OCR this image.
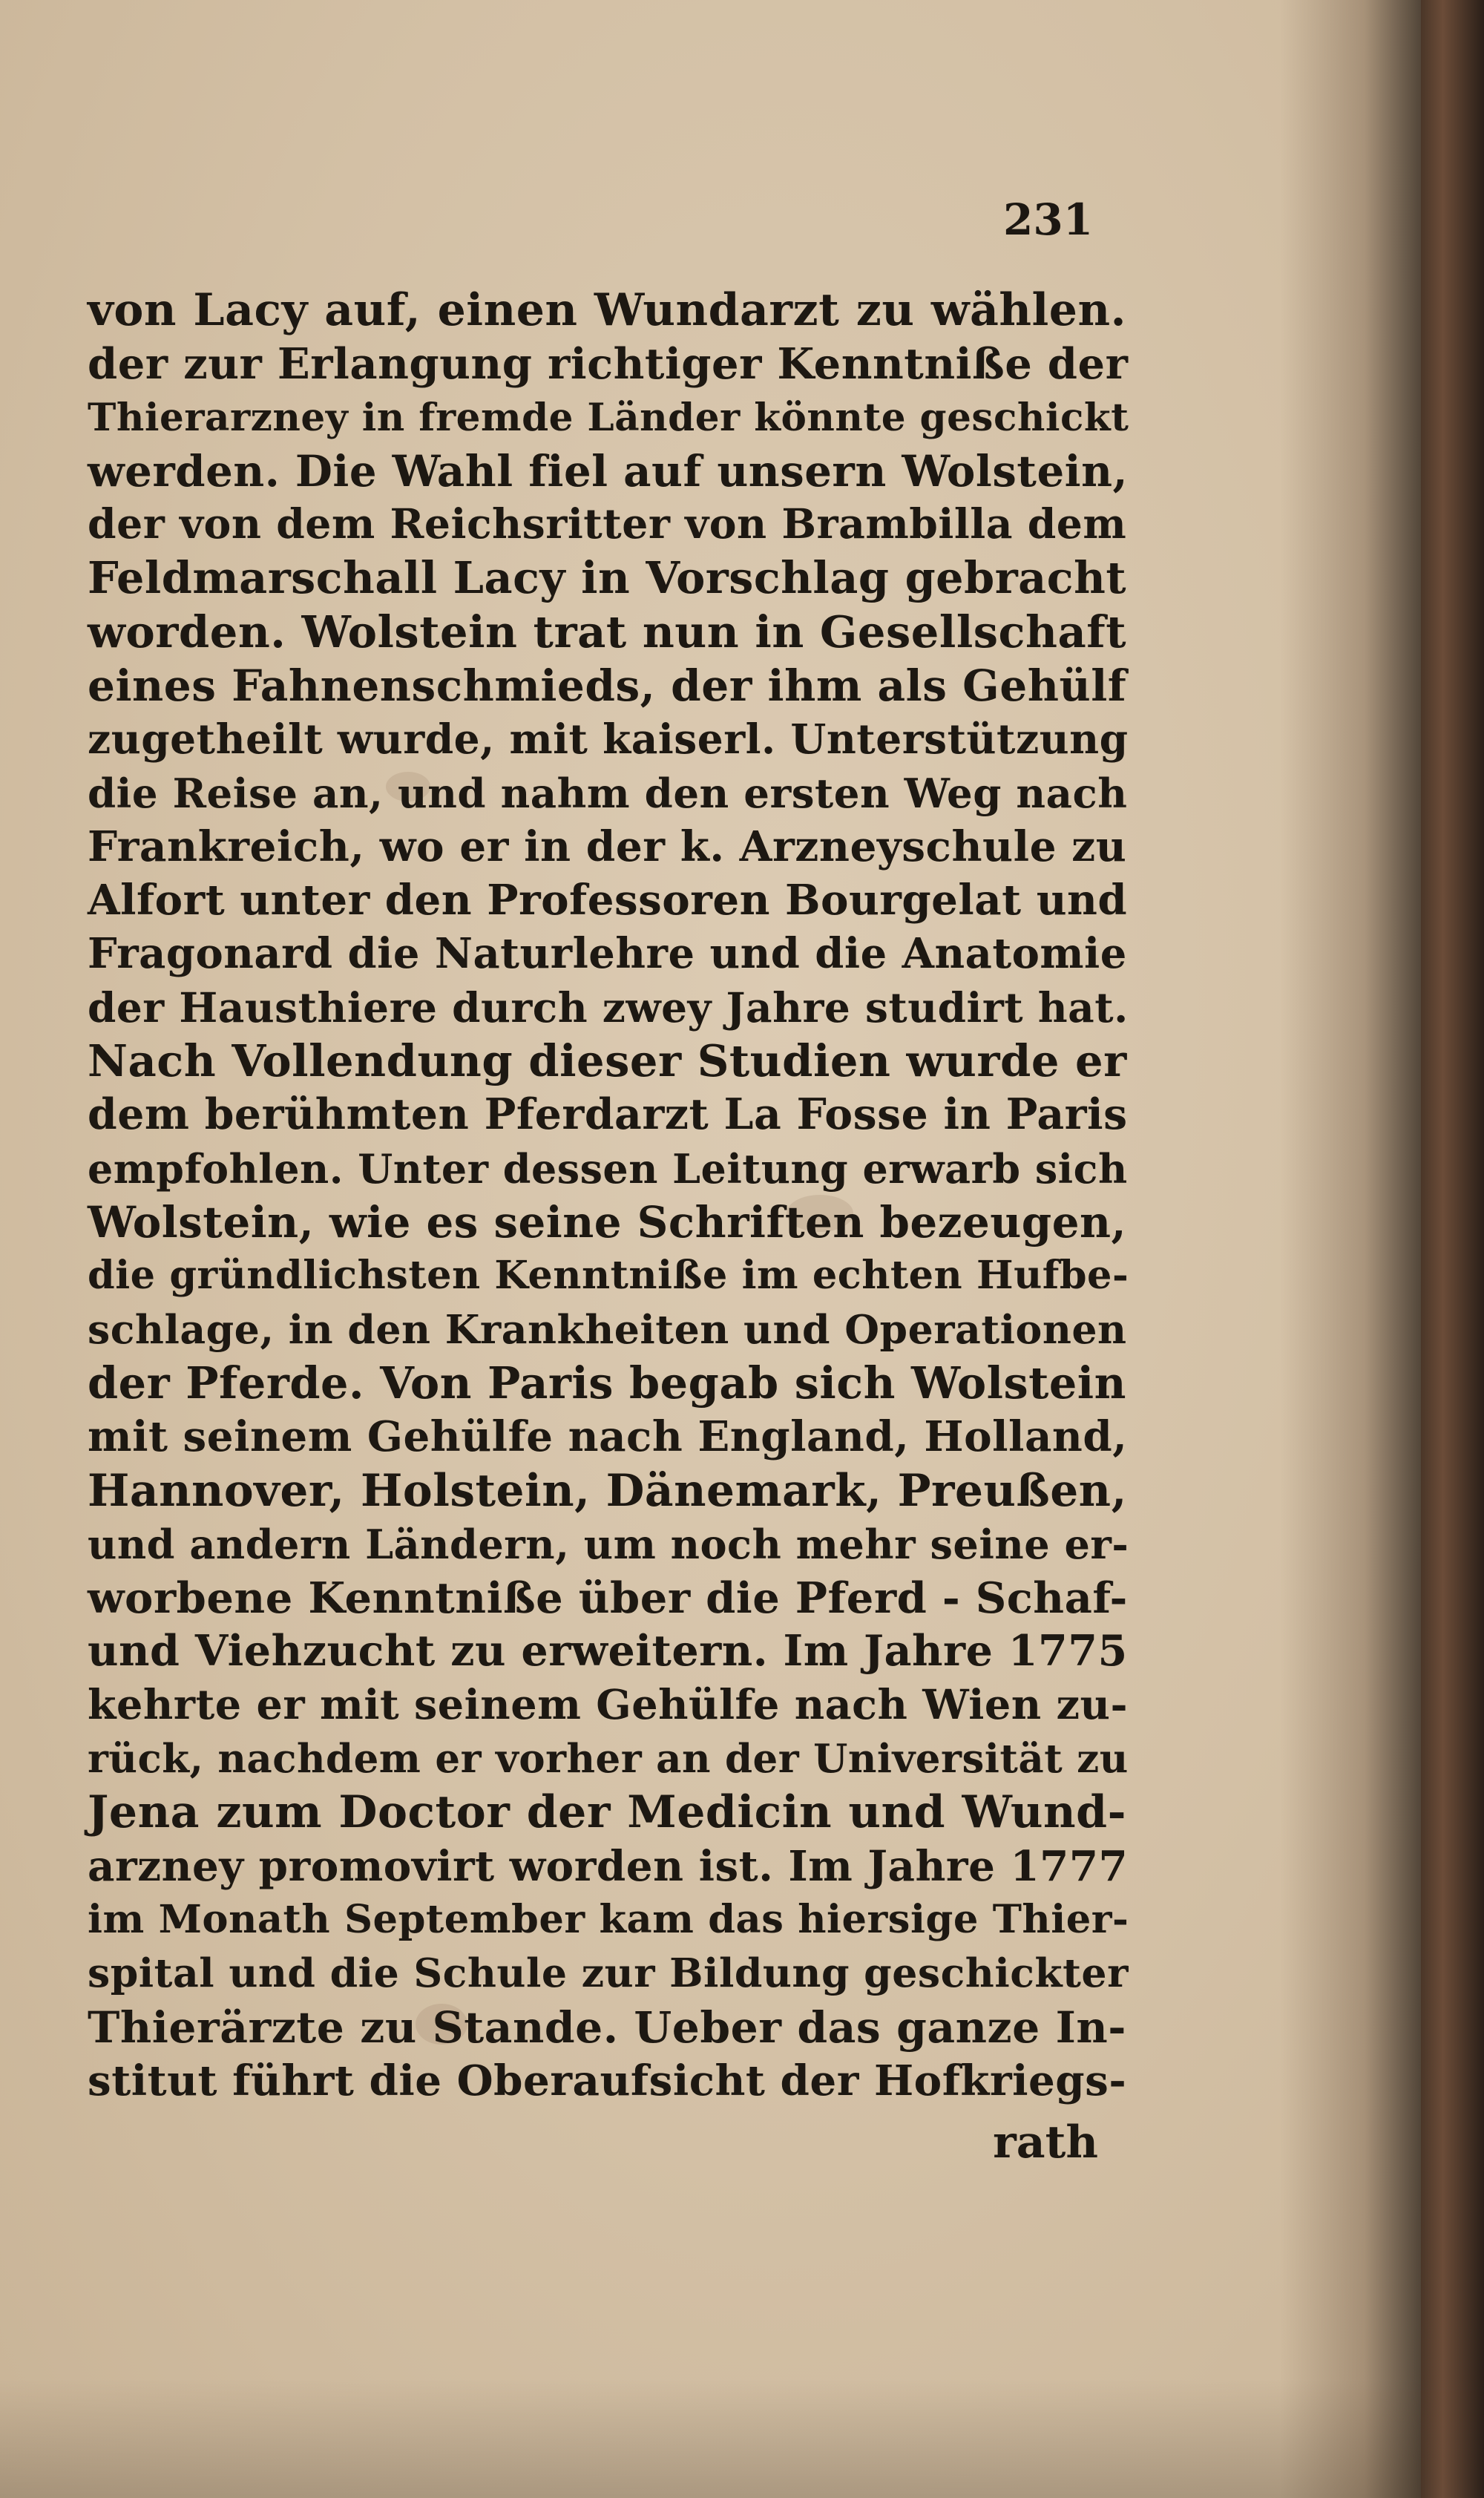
231
von Lacy auf, einen Wundarzt zu wählen.
der zur Erlangung richtiger Kenntniße der
Thierarzney in fremde Länder könnte geschickt
werden. Die Wahl fiel auf unsern Wolstein,
der von dem Reichsritter von Brambilla dem
Feldmarschall Lacy in Vorschlag gebracht
worden. Wolstein trat nun in Gesellschaft
eines Fahnenschmieds, der ihm als Gehülf
zugetheilt wurde, mit kaiserl. Unterstützung
die Reise an, und nahm den ersten Weg nach
Frankreich, wo er in der k. Arzneyschule zu
Alfort unter den Professoren Bourgelat und
Fragonard die Naturlehre und die Anatomie
der Hausthiere durch zwey Jahre studirt hat.
Nach Vollendung dieser Studien wurde er
dem berühmten Pferdarzt La Fosse in Paris
empfohlen. Unter dessen Leitung erwarb sich
Wolstein, wie es seine Schriften bezeugen,
die gründlichsten Kenntniße im echten Hufbe-
schlage, in den Krankheiten und Operationen
der Pferde. Von Paris begab sich Wolstein
mit seinem Gehülfe nach England, Holland,
Hannover, Holstein, Dänemark, Preußen,
und andern Ländern, um noch mehr seine er-
worbene Kenntniße über die Pferd - Schaf-
und Viehzucht zu erweitern. Im Jahre 1775
kehrte er mit seinem Gehülfe nach Wien zu-
rück, nachdem er vorher an der Universität zu
Jena zum Doctor der Medicin und Wund-
arzney promovirt worden ist. Im Jahre 1777
im Monath September kam das hiersige Thier-
spital und die Schule zur Bildung geschickter
Thierärzte zu Stande. Ueber das ganze In-
stitut führt die Oberaufsicht der Hofkriegs-
rath
